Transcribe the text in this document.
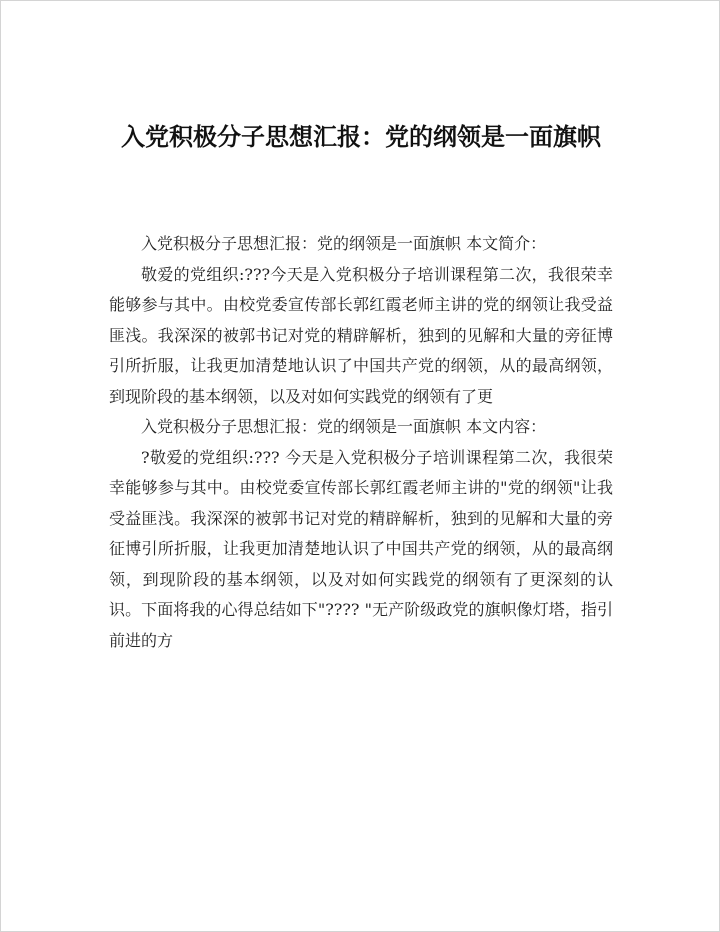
入党积极分子思想汇报：党的纲领是一面旗帜

入党积极分子思想汇报：党的纲领是一面旗帜 本文简介：

敬爱的党组织:???今天是入党积极分子培训课程第二次，我很荣幸能够参与其中。由校党委宣传部长郭红霞老师主讲的党的纲领让我受益匪浅。我深深的被郭书记对党的精辟解析，独到的见解和大量的旁征博引所折服，让我更加清楚地认识了中国共产党的纲领，从的最高纲领，到现阶段的基本纲领，以及对如何实践党的纲领有了更

入党积极分子思想汇报：党的纲领是一面旗帜 本文内容：

?敬爱的党组织:??? 今天是入党积极分子培训课程第二次，我很荣幸能够参与其中。由校党委宣传部长郭红霞老师主讲的"党的纲领"让我受益匪浅。我深深的被郭书记对党的精辟解析，独到的见解和大量的旁征博引所折服，让我更加清楚地认识了中国共产党的纲领，从的最高纲领，到现阶段的基本纲领，以及对如何实践党的纲领有了更深刻的认识。下面将我的心得总结如下"???? "无产阶级政党的旗帜像灯塔，指引前进的方
